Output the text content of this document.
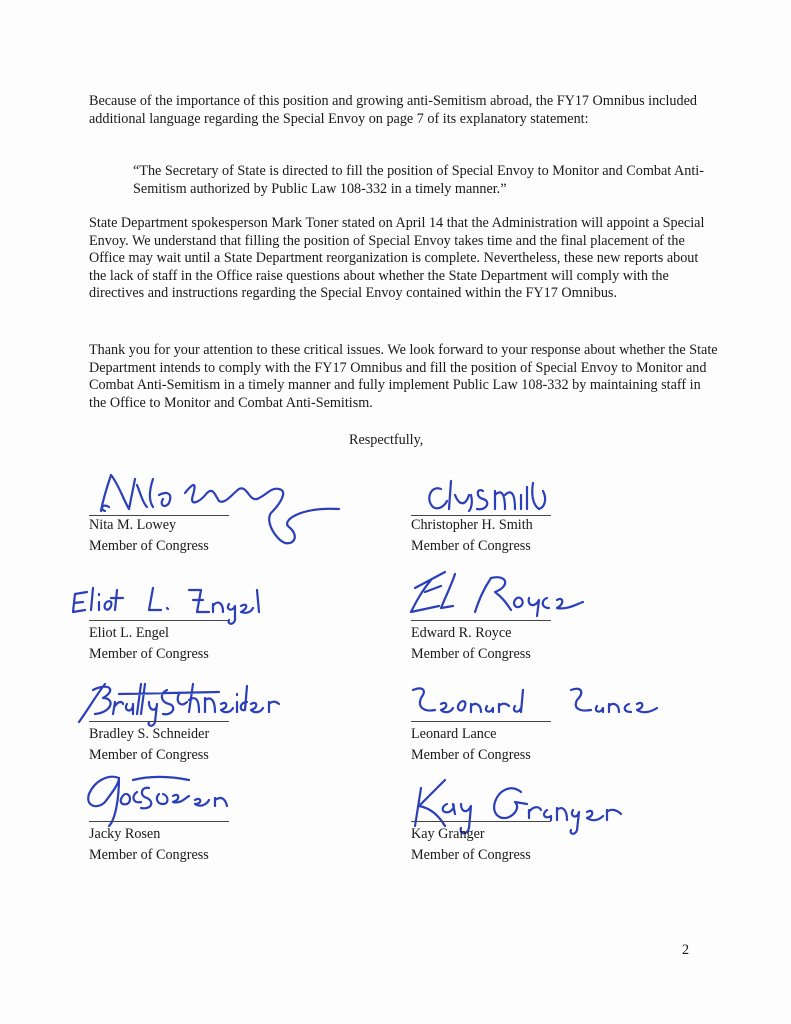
Because of the importance of this position and growing anti-Semitism abroad, the FY17 Omnibus included additional language regarding the Special Envoy on page 7 of its explanatory statement:

“The Secretary of State is directed to fill the position of Special Envoy to Monitor and Combat Anti-Semitism authorized by Public Law 108-332 in a timely manner.”

State Department spokesperson Mark Toner stated on April 14 that the Administration will appoint a Special Envoy. We understand that filling the position of Special Envoy takes time and the final placement of the Office may wait until a State Department reorganization is complete. Nevertheless, these new reports about the lack of staff in the Office raise questions about whether the State Department will comply with the directives and instructions regarding the Special Envoy contained within the FY17 Omnibus.

Thank you for your attention to these critical issues. We look forward to your response about whether the State Department intends to comply with the FY17 Omnibus and fill the position of Special Envoy to Monitor and Combat Anti-Semitism in a timely manner and fully implement Public Law 108-332 by maintaining staff in the Office to Monitor and Combat Anti-Semitism.

Respectfully,
Nita M. Lowey
Member of Congress
Christopher H. Smith
Member of Congress
Eliot L. Engel
Member of Congress
Edward R. Royce
Member of Congress
Bradley S. Schneider
Member of Congress
Leonard Lance
Member of Congress
Jacky Rosen
Member of Congress
Kay Granger
Member of Congress
2
